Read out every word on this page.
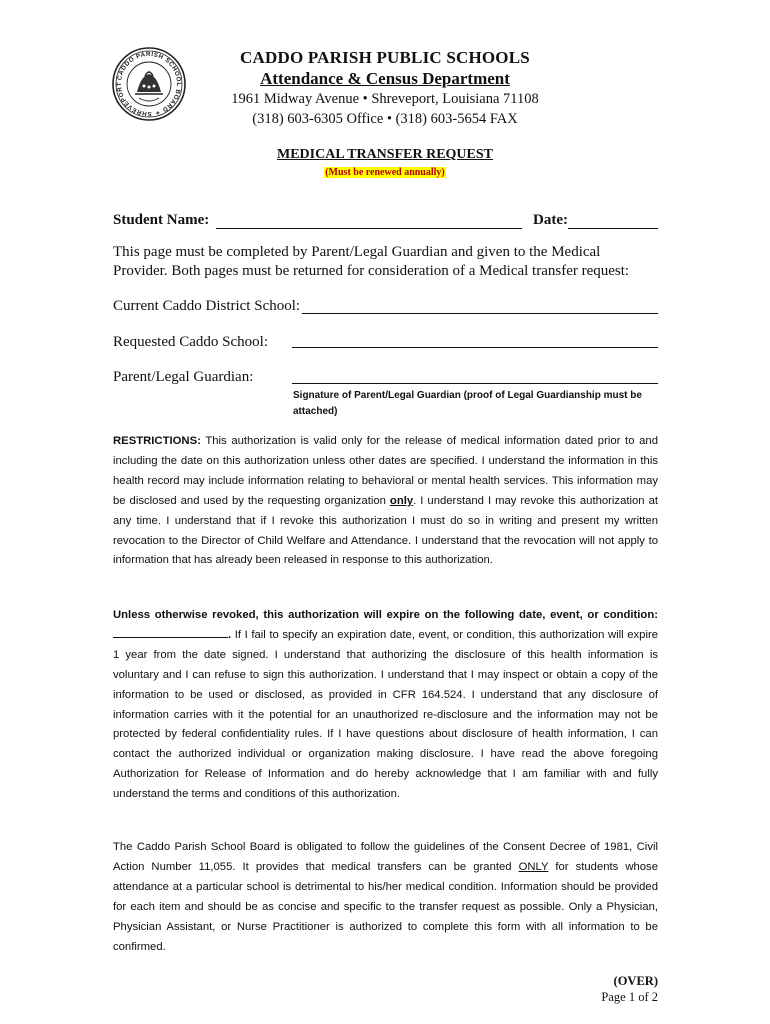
CADDO PARISH SCHOOL BOARD ✦ SHREVEPORT
CADDO PARISH PUBLIC SCHOOLS
Attendance & Census Department
1961 Midway Avenue • Shreveport, Louisiana 71108
(318) 603-6305 Office • (318) 603-5654 FAX
MEDICAL TRANSFER REQUEST
(Must be renewed annually)
Student Name:	Date:
This page must be completed by Parent/Legal Guardian and given to the Medical Provider. Both pages must be returned for consideration of a Medical transfer request:
Current Caddo District School:
Requested Caddo School:
Parent/Legal Guardian:
Signature of Parent/Legal Guardian (proof of Legal Guardianship must be attached)
RESTRICTIONS: This authorization is valid only for the release of medical information dated prior to and including the date on this authorization unless other dates are specified. I understand the information in this health record may include information relating to behavioral or mental health services. This information may be disclosed and used by the requesting organization only. I understand I may revoke this authorization at any time. I understand that if I revoke this authorization I must do so in writing and present my written revocation to the Director of Child Welfare and Attendance. I understand that the revocation will not apply to information that has already been released in response to this authorization.
Unless otherwise revoked, this authorization will expire on the following date, event, or condition: . If I fail to specify an expiration date, event, or condition, this authorization will expire 1 year from the date signed. I understand that authorizing the disclosure of this health information is voluntary and I can refuse to sign this authorization. I understand that I may inspect or obtain a copy of the information to be used or disclosed, as provided in CFR 164.524. I understand that any disclosure of information carries with it the potential for an unauthorized re-disclosure and the information may not be protected by federal confidentiality rules. If I have questions about disclosure of health information, I can contact the authorized individual or organization making disclosure. I have read the above foregoing Authorization for Release of Information and do hereby acknowledge that I am familiar with and fully understand the terms and conditions of this authorization.
The Caddo Parish School Board is obligated to follow the guidelines of the Consent Decree of 1981, Civil Action Number 11,055. It provides that medical transfers can be granted ONLY for students whose attendance at a particular school is detrimental to his/her medical condition. Information should be provided for each item and should be as concise and specific to the transfer request as possible. Only a Physician, Physician Assistant, or Nurse Practitioner is authorized to complete this form with all information to be confirmed.
(OVER)
Page 1 of 2
